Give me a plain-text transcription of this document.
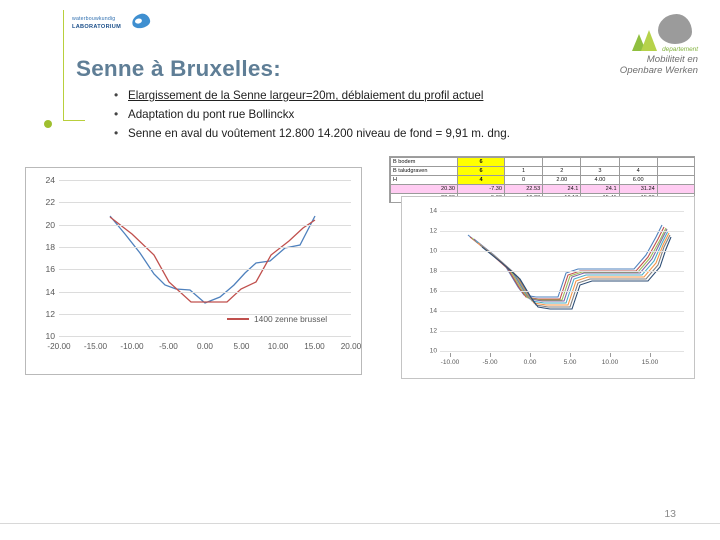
waterbouwkundig
LABORATORIUM
departement
Mobiliteit en
Openbare Werken
Senne à Bruxelles:
• Elargissement de la Senne largeur=20m, déblaiement du profil actuel
• Adaptation du pont rue Bollinckx
• Senne en aval du voûtement 12.800 14.200 niveau de fond = 9,91 m. dng.
24
22
20
18
16
14
12
10
1400 zenne brussel
-20.00 -15.00 -10.00 -5.00 0.00	5.00 10.00 15.00 20.00
B bodem	6					
B taludgraven	6	1	2	3	4	
H	4	0	2.00	4.00	6.00	
20.30	-7.30	22.53	24.1	24.1	31.24	

14
12
10
18
16
14
12
10
-10.00	-5.00	0.00	5.00	10.00	15.00
13
